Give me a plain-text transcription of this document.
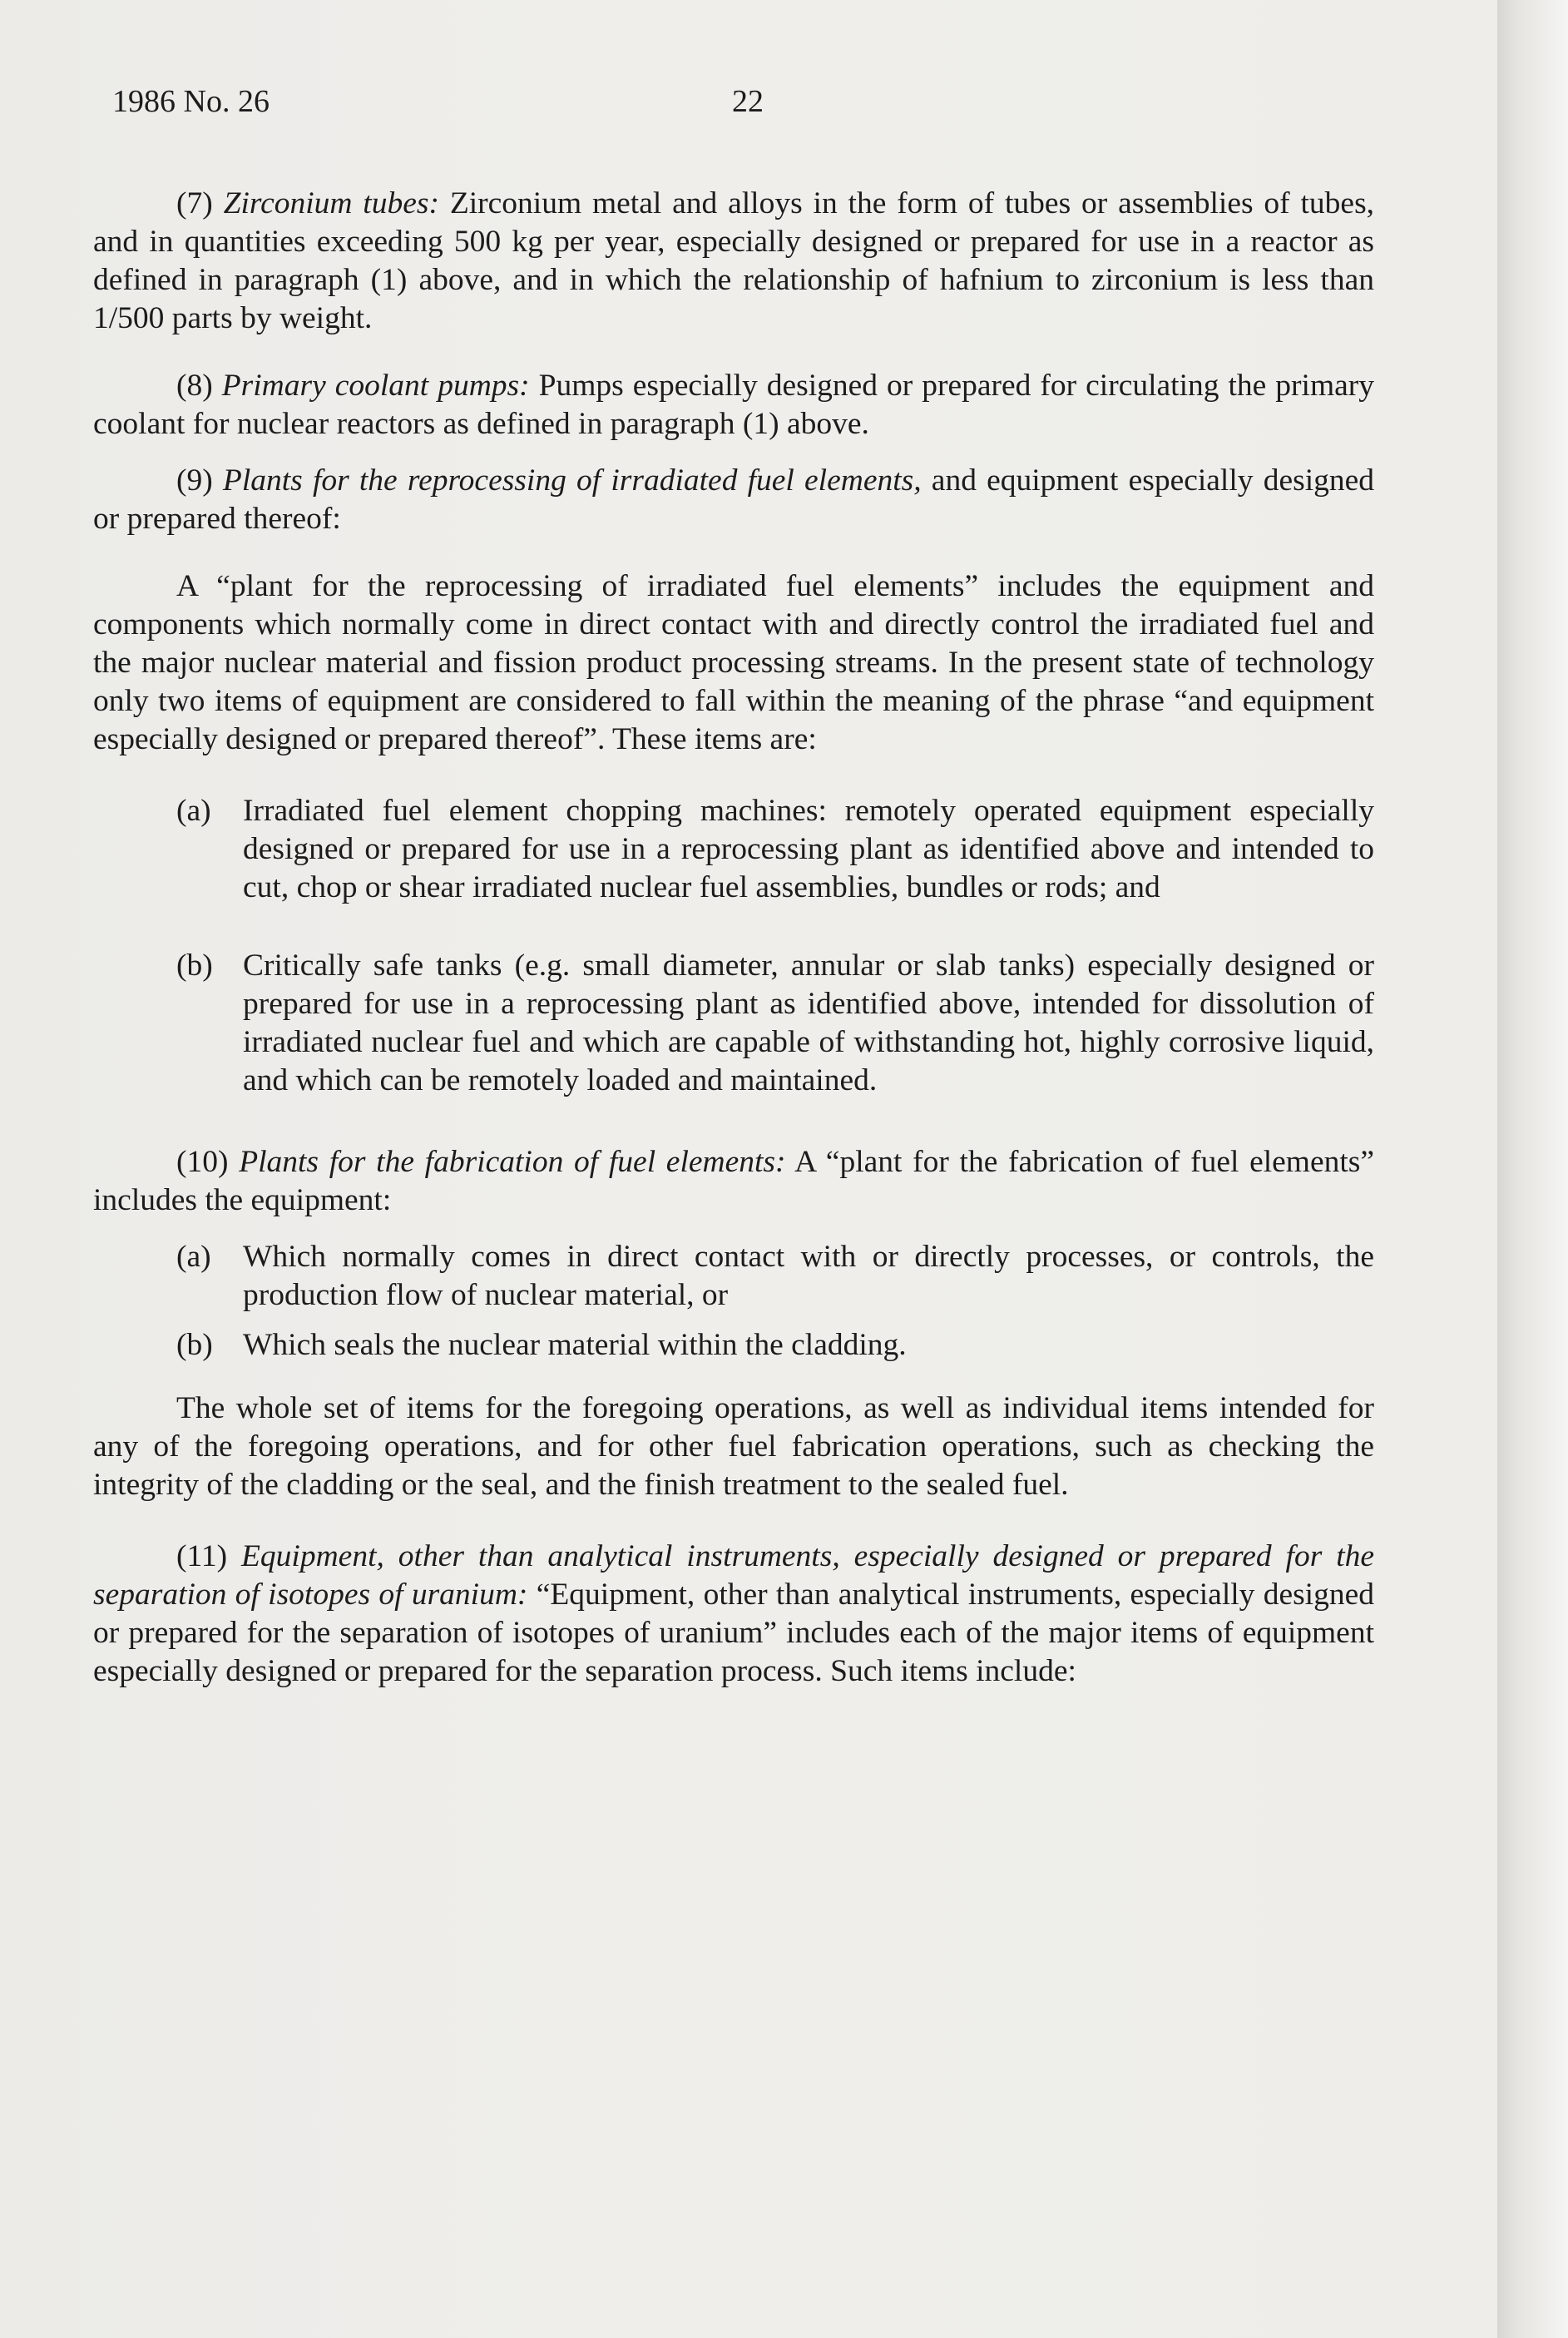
1986 No. 26	22

(7) Zirconium tubes: Zirconium metal and alloys in the form of tubes or assemblies of tubes, and in quantities exceeding 500 kg per year, especially designed or prepared for use in a reactor as defined in paragraph (1) above, and in which the relationship of hafnium to zirconium is less than 1/500 parts by weight.

(8) Primary coolant pumps: Pumps especially designed or prepared for circulating the primary coolant for nuclear reactors as defined in paragraph (1) above.

(9) Plants for the reprocessing of irradiated fuel elements, and equipment especially designed or prepared thereof:

A “plant for the reprocessing of irradiated fuel elements” includes the equipment and components which normally come in direct contact with and directly control the irradiated fuel and the major nuclear material and fission product processing streams. In the present state of technology only two items of equipment are considered to fall within the meaning of the phrase “and equipment especially designed or prepared thereof”. These items are:

(a) Irradiated fuel element chopping machines: remotely operated equipment especially designed or prepared for use in a reprocessing plant as identified above and intended to cut, chop or shear irradiated nuclear fuel assemblies, bundles or rods; and
(b) Critically safe tanks (e.g. small diameter, annular or slab tanks) especially designed or prepared for use in a reprocessing plant as identified above, intended for dissolution of irradiated nuclear fuel and which are capable of withstanding hot, highly corrosive liquid, and which can be remotely loaded and maintained.

(10) Plants for the fabrication of fuel elements: A “plant for the fabrication of fuel elements” includes the equipment:

(a) Which normally comes in direct contact with or directly processes, or controls, the production flow of nuclear material, or
(b) Which seals the nuclear material within the cladding.

The whole set of items for the foregoing operations, as well as individual items intended for any of the foregoing operations, and for other fuel fabrication operations, such as checking the integrity of the cladding or the seal, and the finish treatment to the sealed fuel.

(11) Equipment, other than analytical instruments, especially designed or prepared for the separation of isotopes of uranium: “Equipment, other than analytical instruments, especially designed or prepared for the separation of isotopes of uranium” includes each of the major items of equipment especially designed or prepared for the separation process. Such items include:
